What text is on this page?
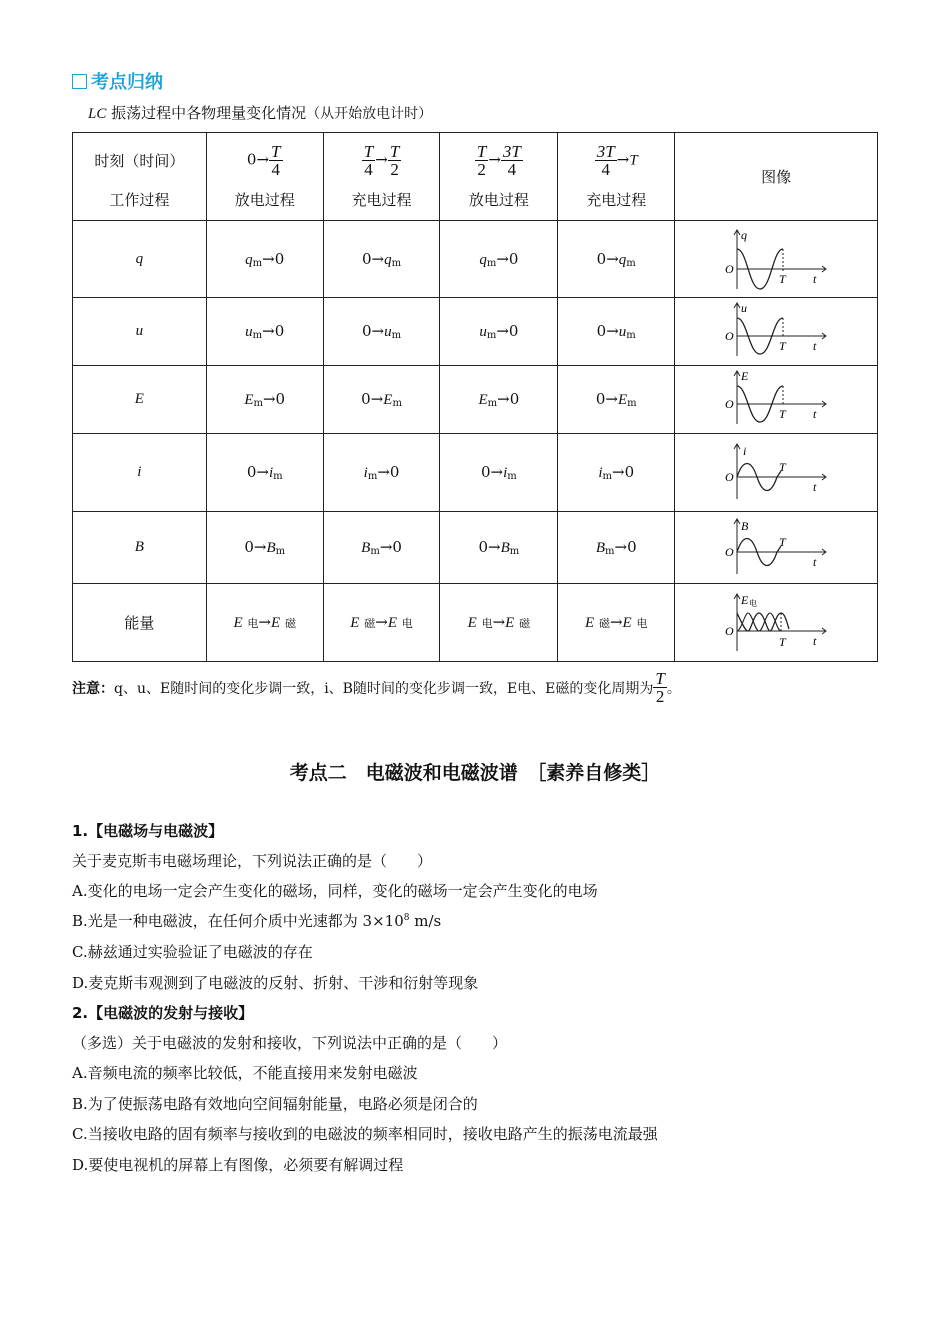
考点归纳
LC 振荡过程中各物理量变化情况（从开始放电计时）
时刻（时间）	$0\to \frac{T}{4}$	$\frac{T}{4} \to \frac{T}{2}$	$\frac{T}{2} \to \frac{3T}{4}$	$\frac{3T}{4} \to T$	图像
工作过程	放电过程	充电过程	放电过程	充电过程	
q	$q_m\to 0$	$0\to q_m$	$q_m\to 0$	$0\to q_m$	q
O
T t

u	$u_m\to 0$	$0\to u_m$	$u_m\to 0$	$0\to u_m$	u
O
T t

E	$E_m\to 0$	$0\to E_m$	$E_m\to 0$	$0\to E_m$	E
O
T t

i	$0\to i_m$	$i_m\to 0$	$0\to i_m$	$i_m\to 0$	i
O
T
t

B	$0\to B_m$	$B_m\to 0$	$0\to B_m$	$B_m\to 0$	B
O
T
t

能量	E 电→E 磁	E 磁→E 电	E 电→E 磁	E 磁→E 电	E 电
O
T t
注意： q、u、E随时间的变化步调一致，i、B随时间的变化步调一致，E电、E磁的变化周期为 $\frac{T}{2}$ 。
考点二　电磁波和电磁波谱　［素养自修类］
1.【电磁场与电磁波】
关于麦克斯韦电磁场理论，下列说法正确的是（　　）
A.变化的电场一定会产生变化的磁场，同样，变化的磁场一定会产生变化的电场
B.光是一种电磁波，在任何介质中光速都为 $3\times 10^8$ m/s
C.赫兹通过实验验证了电磁波的存在
D.麦克斯韦观测到了电磁波的反射、折射、干涉和衍射等现象
2.【电磁波的发射与接收】
（多选）关于电磁波的发射和接收，下列说法中正确的是（　　）
A.音频电流的频率比较低，不能直接用来发射电磁波
B.为了使振荡电路有效地向空间辐射能量，电路必须是闭合的
C.当接收电路的固有频率与接收到的电磁波的频率相同时，接收电路产生的振荡电流最强
D.要使电视机的屏幕上有图像，必须要有解调过程
